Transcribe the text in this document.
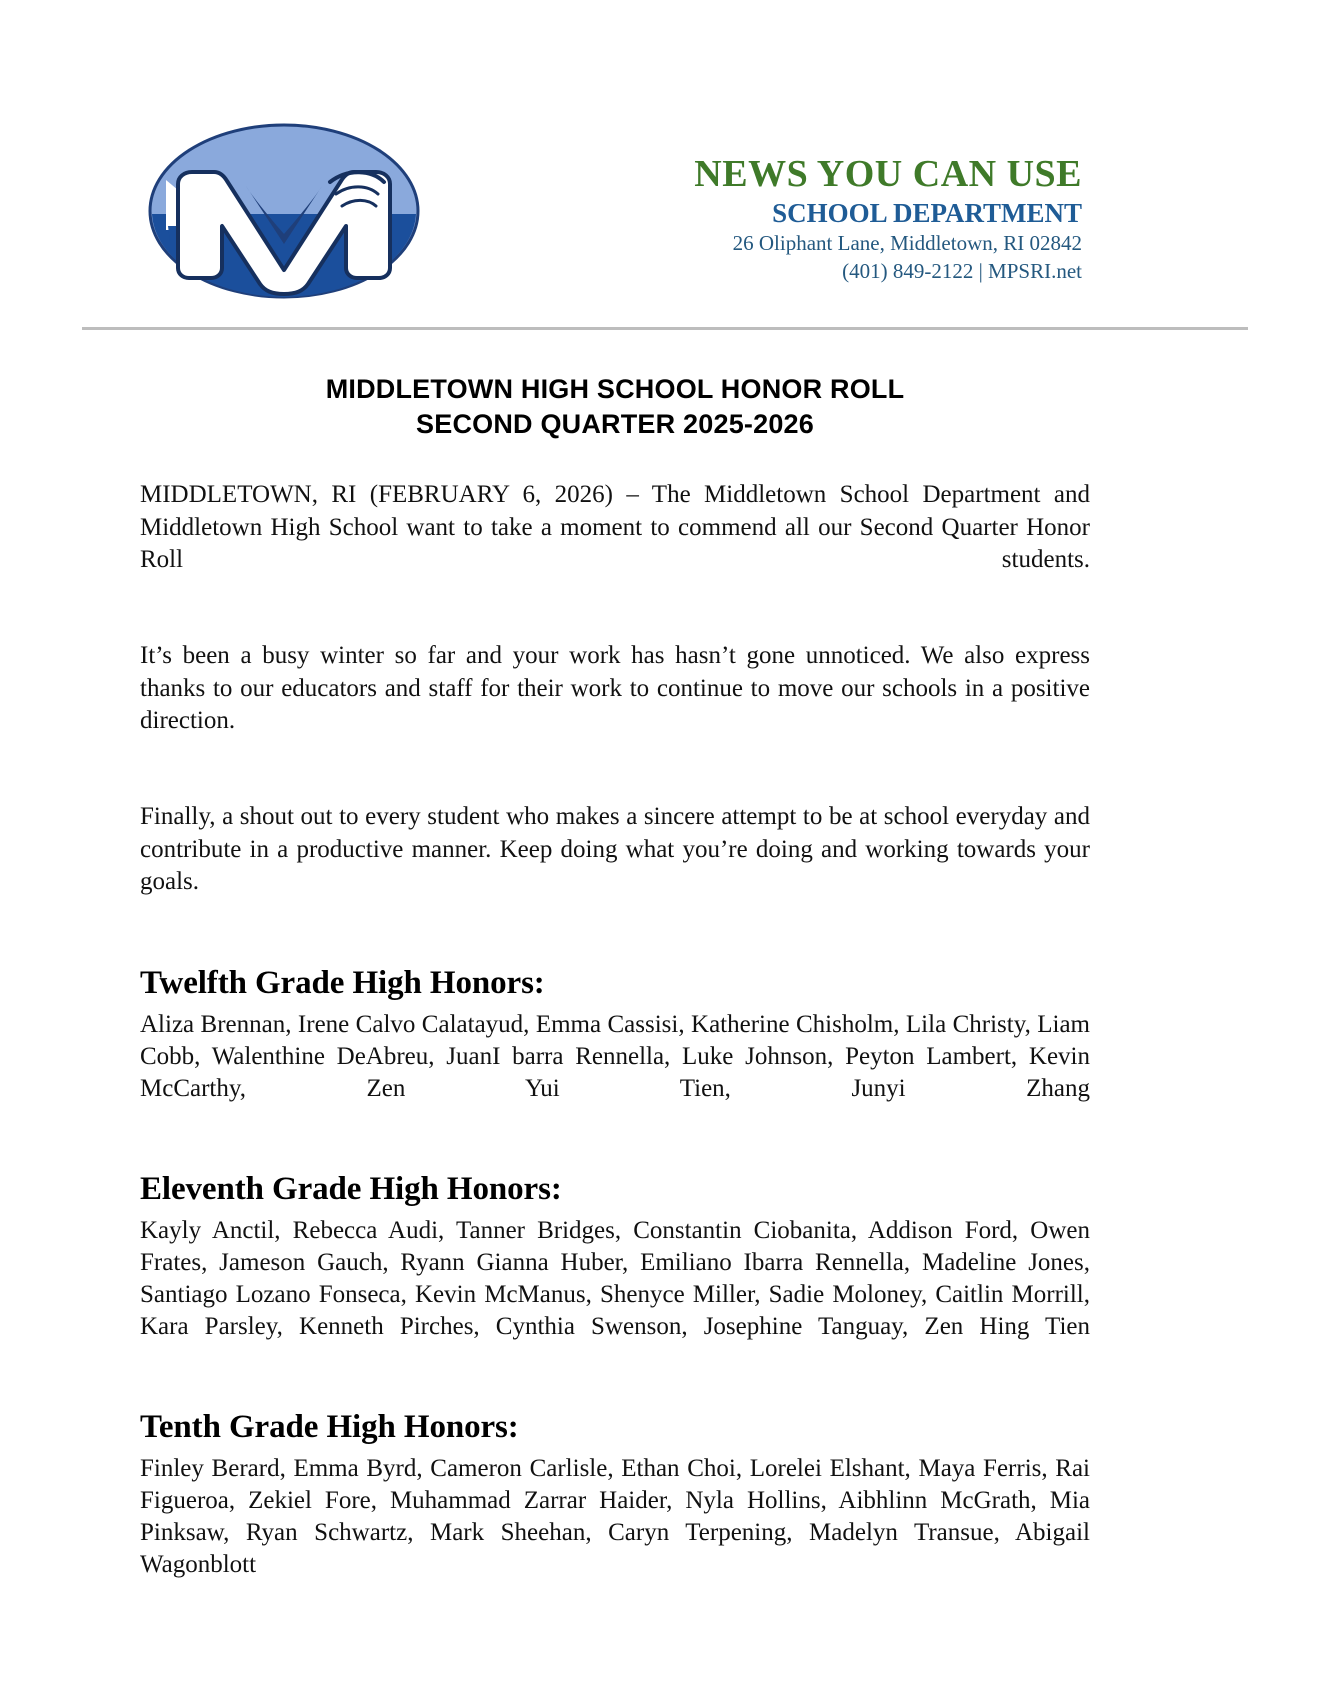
NEWS YOU CAN USE
SCHOOL DEPARTMENT
26 Oliphant Lane, Middletown, RI 02842
(401) 849-2122 | MPSRI.net
MIDDLETOWN HIGH SCHOOL HONOR ROLL
SECOND QUARTER 2025-2026

MIDDLETOWN, RI (FEBRUARY 6, 2026) – The Middletown School Department and Middletown High School want to take a moment to commend all our Second Quarter Honor Roll students.

It’s been a busy winter so far and your work has hasn’t gone unnoticed. We also express thanks to our educators and staff for their work to continue to move our schools in a positive direction.

Finally, a shout out to every student who makes a sincere attempt to be at school everyday and contribute in a productive manner. Keep doing what you’re doing and working towards your goals.

Twelfth Grade High Honors:

Aliza Brennan, Irene Calvo Calatayud, Emma Cassisi, Katherine Chisholm, Lila Christy, Liam Cobb, Walenthine DeAbreu, JuanI barra Rennella, Luke Johnson, Peyton Lambert, Kevin McCarthy, Zen Yui Tien, Junyi Zhang

Eleventh Grade High Honors:

Kayly Anctil, Rebecca Audi, Tanner Bridges, Constantin Ciobanita, Addison Ford, Owen Frates, Jameson Gauch, Ryann Gianna Huber, Emiliano Ibarra Rennella, Madeline Jones, Santiago Lozano Fonseca, Kevin McManus, Shenyce Miller, Sadie Moloney, Caitlin Morrill, Kara Parsley, Kenneth Pirches, Cynthia Swenson, Josephine Tanguay, Zen Hing Tien

Tenth Grade High Honors:

Finley Berard, Emma Byrd, Cameron Carlisle, Ethan Choi, Lorelei Elshant, Maya Ferris, Rai Figueroa, Zekiel Fore, Muhammad Zarrar Haider, Nyla Hollins, Aibhlinn McGrath, Mia Pinksaw, Ryan Schwartz, Mark Sheehan, Caryn Terpening, Madelyn Transue, Abigail Wagonblott
